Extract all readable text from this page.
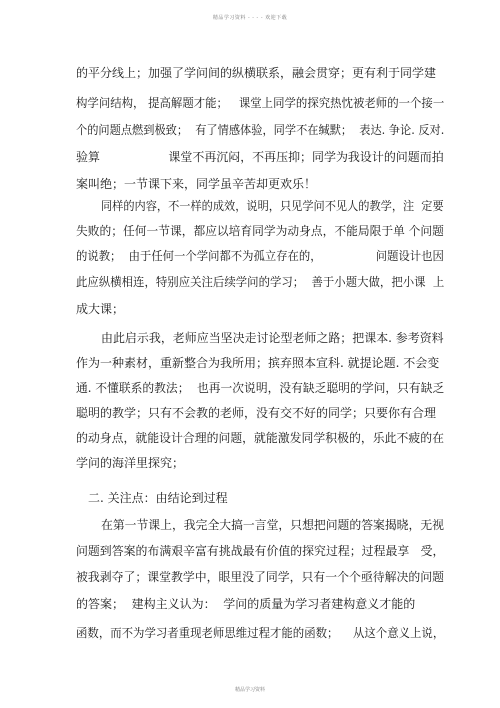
精品学习资料 - - - - 欢迎下载
的平分线上；加强了学问间的纵横联系，融会贯穿；更有利于同学建
构学问结构， 提高解题才能；   课堂上同学的探究热忱被老师的一个接一
个的问题点燃到极致；  有了情感体验，同学不在缄默；  表达. 争论. 反对.
验算                  课堂不再沉闷，不再压抑；同学为我设计的问题而拍
案叫绝；一节课下来，同学虽辛苦却更欢乐！
同样的内容，不一样的成效，说明，只见学问不见人的教学，注  定要
失败的；任何一节课，都应以培育同学为动身点，不能局限于单 个问题
的说教；  由于任何一个学问都不为孤立存在的，               问题设计也因
此应纵横相连，特别应关注后续学问的学习；  善于小题大做，把小课  上
成大课；
由此启示我，老师应当坚决走讨论型老师之路；把课本. 参考资料
作为一种素材，重新整合为我所用；摈弃照本宣科. 就提论题. 不会变
通. 不懂联系的教法；  也再一次说明，没有缺乏聪明的学问，只有缺乏
聪明的教学；只有不会教的老师，没有交不好的同学；只要你有合理
的动身点，就能设计合理的问题，就能激发同学积极的，乐此不疲的在
学问的海洋里探究；
二. 关注点：由结论到过程
在第一节课上，我完全大搞一言堂，只想把问题的答案揭晓，无视
问题到答案的布满艰辛富有挑战最有价值的探究过程；过程最享   受，
被我剥夺了；课堂教学中，眼里没了同学，只有一个个亟待解决的问题
的答案；  建构主义认为：  学问的质量为学习者建构意义才能的
函数，而不为学习者重现老师思维过程才能的函数；    从这个意义上说，
精品学习资料
